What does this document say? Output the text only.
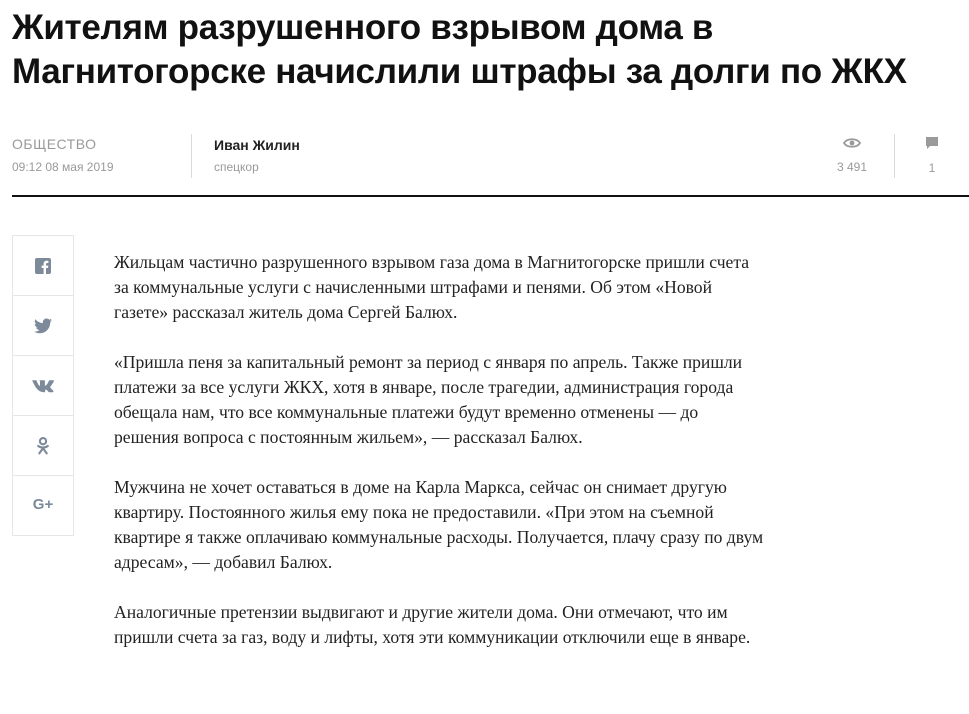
Жителям разрушенного взрывом дома в Магнитогорске начислили штрафы за долги по ЖКХ
ОБЩЕСТВО
09:12 08 мая 2019
Иван Жилин
спецкор	3 491	1
G+

Жильцам частично разрушенного взрывом газа дома в Магнитогорске пришли счета за коммунальные услуги с начисленными штрафами и пенями. Об этом «Новой газете» рассказал житель дома Сергей Балюх.

«Пришла пеня за капитальный ремонт за период с января по апрель. Также пришли платежи за все услуги ЖКХ, хотя в январе, после трагедии, администрация города обещала нам, что все коммунальные платежи будут временно отменены — до решения вопроса с постоянным жильем», — рассказал Балюх.

Мужчина не хочет оставаться в доме на Карла Маркса, сейчас он снимает другую квартиру. Постоянного жилья ему пока не предоставили. «При этом на съемной квартире я также оплачиваю коммунальные расходы. Получается, плачу сразу по двум адресам», — добавил Балюх.

Аналогичные претензии выдвигают и другие жители дома. Они отмечают, что им пришли счета за газ, воду и лифты, хотя эти коммуникации отключили еще в январе.
